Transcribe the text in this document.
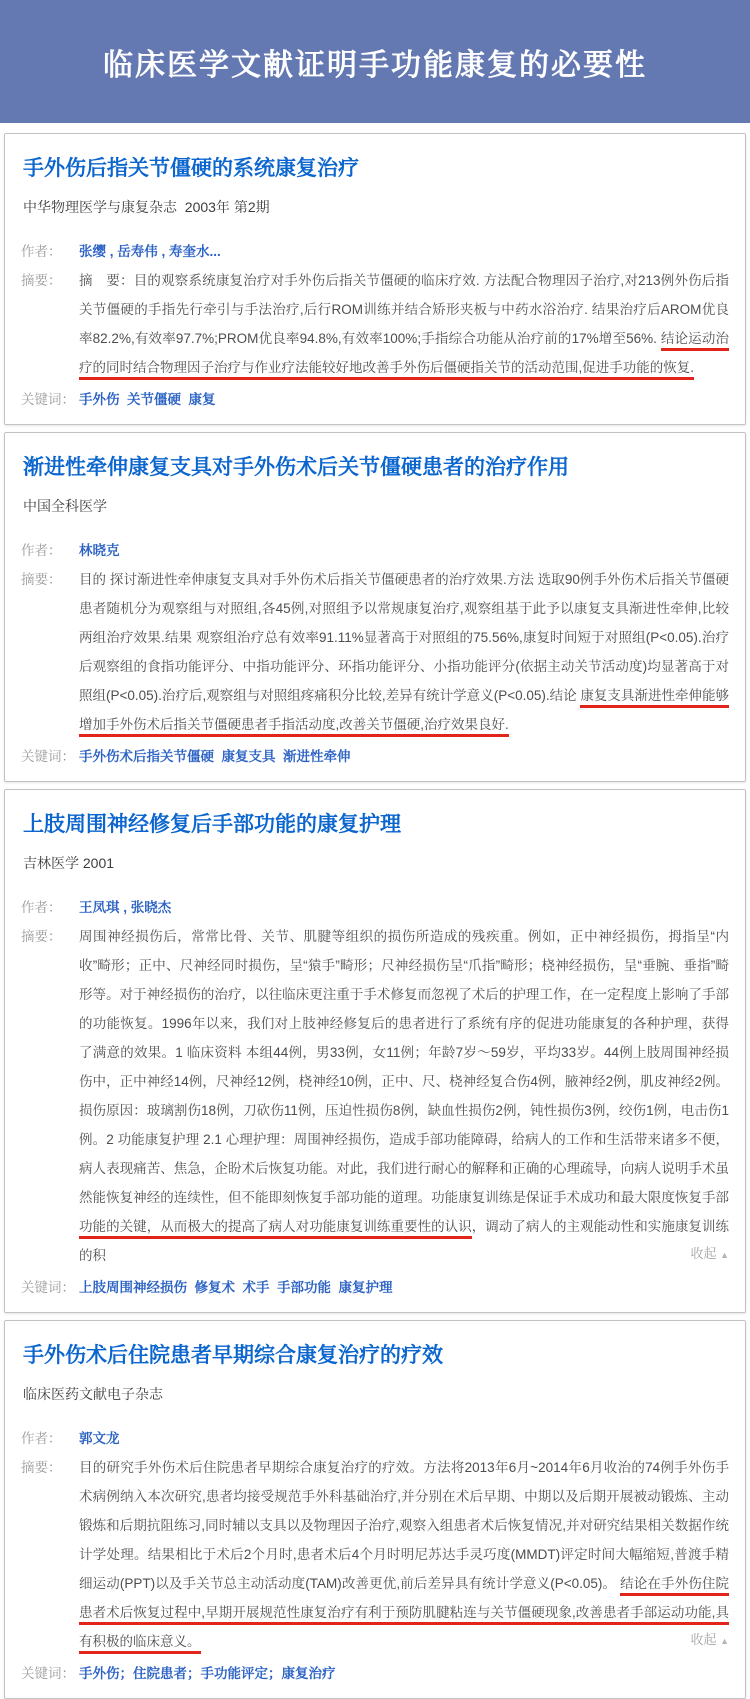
临床医学文献证明手功能康复的必要性
手外伤后指关节僵硬的系统康复治疗
中华物理医学与康复杂志  2003年 第2期
作者：	张缨 , 岳寿伟 , 寿奎水...
摘要：	摘　要：目的观察系统康复治疗对手外伤后指关节僵硬的临床疗效. 方法配合物理因子治疗,对213例外伤后指关节僵硬的手指先行牵引与手法治疗,后行ROM训练并结合矫形夹板与中药水浴治疗. 结果治疗后AROM优良率82.2%,有效率97.7%;PROM优良率94.8%,有效率100%;手指综合功能从治疗前的17%增至56%. 结论运动治疗的同时结合物理因子治疗与作业疗法能较好地改善手外伤后僵硬指关节的活动范围,促进手功能的恢复.
关键词： 手外伤  关节僵硬  康复
渐进性牵伸康复支具对手外伤术后关节僵硬患者的治疗作用
中国全科医学
作者：	林晓克
摘要：	目的 探讨渐进性牵伸康复支具对手外伤术后指关节僵硬患者的治疗效果.方法 选取90例手外伤术后指关节僵硬患者随机分为观察组与对照组,各45例,对照组予以常规康复治疗,观察组基于此予以康复支具渐进性牵伸,比较两组治疗效果.结果 观察组治疗总有效率91.11%显著高于对照组的75.56%,康复时间短于对照组(P<0.05).治疗后观察组的食指功能评分、中指功能评分、环指功能评分、小指功能评分(依据主动关节活动度)均显著高于对照组(P<0.05).治疗后,观察组与对照组疼痛积分比较,差异有统计学意义(P<0.05).结论 康复支具渐进性牵伸能够增加手外伤术后指关节僵硬患者手指活动度,改善关节僵硬,治疗效果良好.
关键词： 手外伤术后指关节僵硬  康复支具  渐进性牵伸
上肢周围神经修复后手部功能的康复护理
吉林医学 2001
作者：	王凤琪 , 张晓杰
摘要：	周围神经损伤后，常常比骨、关节、肌腱等组织的损伤所造成的残疾重。例如，正中神经损伤，拇指呈“内收”畸形；正中、尺神经同时损伤，呈“猿手”畸形；尺神经损伤呈“爪指”畸形；桡神经损伤，呈“垂腕、垂指”畸形等。对于神经损伤的治疗，以往临床更注重于手术修复而忽视了术后的护理工作，在一定程度上影响了手部的功能恢复。1996年以来，我们对上肢神经修复后的患者进行了系统有序的促进功能康复的各种护理，获得了满意的效果。1 临床资料 本组44例，男33例，女11例；年龄7岁～59岁，平均33岁。44例上肢周围神经损伤中，正中神经14例，尺神经12例，桡神经10例，正中、尺、桡神经复合伤4例，腋神经2例，肌皮神经2例。损伤原因：玻璃割伤18例，刀砍伤11例，压迫性损伤8例，缺血性损伤2例，钝性损伤3例，绞伤1例，电击伤1例。2 功能康复护理 2.1 心理护理：周围神经损伤，造成手部功能障碍，给病人的工作和生活带来诸多不便，病人表现痛苦、焦急，企盼术后恢复功能。对此，我们进行耐心的解释和正确的心理疏导，向病人说明手术虽然能恢复神经的连续性，但不能即刻恢复手部功能的道理。功能康复训练是保证手术成功和最大限度恢复手部功能的关键，从而极大的提高了病人对功能康复训练重要性的认识，调动了病人的主观能动性和实施康复训练的积	收起 ▲
关键词： 上肢周围神经损伤  修复术  术手  手部功能  康复护理
手外伤术后住院患者早期综合康复治疗的疗效
临床医药文献电子杂志
作者：	郭文龙
摘要：	目的研究手外伤术后住院患者早期综合康复治疗的疗效。方法将2013年6月~2014年6月收治的74例手外伤手术病例纳入本次研究,患者均接受规范手外科基础治疗,并分别在术后早期、中期以及后期开展被动锻炼、主动锻炼和后期抗阻练习,同时辅以支具以及物理因子治疗,观察入组患者术后恢复情况,并对研究结果相关数据作统计学处理。结果相比于术后2个月时,患者术后4个月时明尼苏达手灵巧度(MMDT)评定时间大幅缩短,普渡手精细运动(PPT)以及手关节总主动活动度(TAM)改善更优,前后差异具有统计学意义(P<0.05)。 结论在手外伤住院患者术后恢复过程中,早期开展规范性康复治疗有利于预防肌腱粘连与关节僵硬现象,改善患者手部运动功能,具有积极的临床意义。	收起 ▲
关键词： 手外伤；住院患者；手功能评定；康复治疗
